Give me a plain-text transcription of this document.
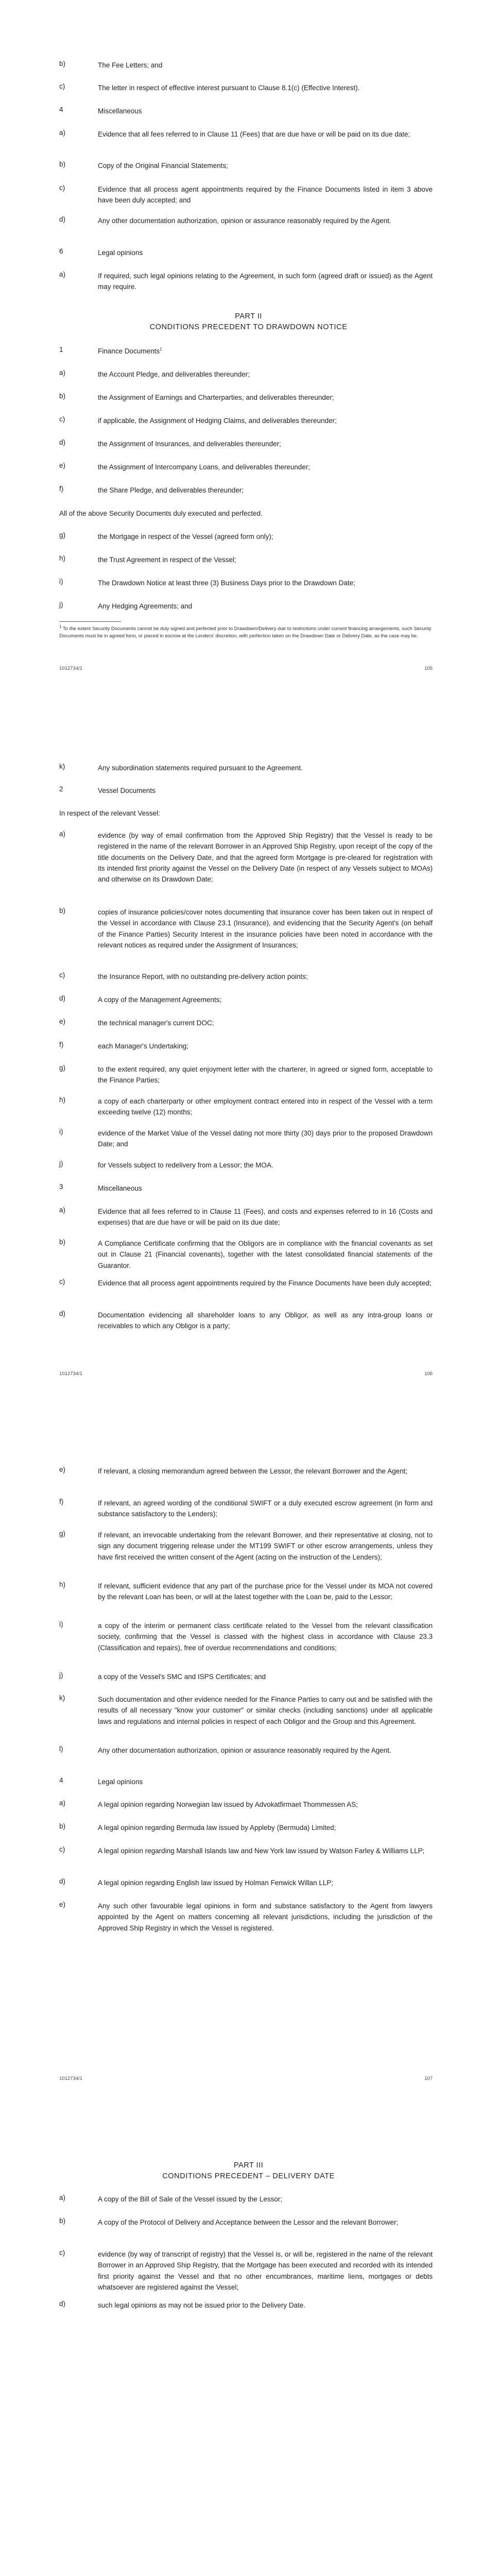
b)	The Fee Letters; and
c)	The letter in respect of effective interest pursuant to Clause 8.1(c) (Effective Interest).
4	Miscellaneous
a)	Evidence that all fees referred to in Clause 11 (Fees) that are due have or will be paid on its due date;
b)	Copy of the Original Financial Statements;
c)	Evidence that all process agent appointments required by the Finance Documents listed in item 3 above have been duly accepted; and
d)	Any other documentation authorization, opinion or assurance reasonably required by the Agent.
6	Legal opinions
a)	If required, such legal opinions relating to the Agreement, in such form (agreed draft or issued) as the Agent may require.
PART II
CONDITIONS PRECEDENT TO DRAWDOWN NOTICE
1	Finance Documents$^1$
a)	the Account Pledge, and deliverables thereunder;
b)	the Assignment of Earnings and Charterparties, and deliverables thereunder;
c)	if applicable, the Assignment of Hedging Claims, and deliverables thereunder;
d)	the Assignment of Insurances, and deliverables thereunder;
e)	the Assignment of Intercompany Loans, and deliverables thereunder;
f)	the Share Pledge, and deliverables thereunder;
All of the above Security Documents duly executed and perfected.
g)	the Mortgage in respect of the Vessel (agreed form only);
h)	the Trust Agreement in respect of the Vessel;
i)	The Drawdown Notice at least three (3) Business Days prior to the Drawdown Date;
j)	Any Hedging Agreements; and
$^1$ To the extent Security Documents cannot be duly signed and perfected prior to Drawdown/Delivery due to restrictions under current financing arrangements, such Security Documents must be in agreed form, or placed in escrow at the Lenders' discretion, with perfection taken on the Drawdown Date or Delivery Date, as the case may be.
1012734/1	105
k)	Any subordination statements required pursuant to the Agreement.
2	Vessel Documents
In respect of the relevant Vessel:
a)	evidence (by way of email confirmation from the Approved Ship Registry) that the Vessel is ready to be registered in the name of the relevant Borrower in an Approved Ship Registry, upon receipt of the copy of the title documents on the Delivery Date, and that the agreed form Mortgage is pre-cleared for registration with its intended first priority against the Vessel on the Delivery Date (in respect of any Vessels subject to MOAs) and otherwise on its Drawdown Date;
b)	copies of insurance policies/cover notes documenting that insurance cover has been taken out in respect of the Vessel in accordance with Clause 23.1 (Insurance), and evidencing that the Security Agent's (on behalf of the Finance Parties) Security Interest in the insurance policies have been noted in accordance with the relevant notices as required under the Assignment of Insurances;
c)	the Insurance Report, with no outstanding pre-delivery action points;
d)	A copy of the Management Agreements;
e)	the technical manager's current DOC;
f)	each Manager's Undertaking;
g)	to the extent required, any quiet enjoyment letter with the charterer, in agreed or signed form, acceptable to the Finance Parties;
h)	a copy of each charterparty or other employment contract entered into in respect of the Vessel with a term exceeding twelve (12) months;
i)	evidence of the Market Value of the Vessel dating not more thirty (30) days prior to the proposed Drawdown Date; and
j)	for Vessels subject to redelivery from a Lessor; the MOA.
3	Miscellaneous
a)	Evidence that all fees referred to in Clause 11 (Fees), and costs and expenses referred to in 16 (Costs and expenses) that are due have or will be paid on its due date;
b)	A Compliance Certificate confirming that the Obligors are in compliance with the financial covenants as set out in Clause 21 (Financial covenants), together with the latest consolidated financial statements of the Guarantor.
c)	Evidence that all process agent appointments required by the Finance Documents have been duly accepted;
d)	Documentation evidencing all shareholder loans to any Obligor, as well as any intra-group loans or receivables to which any Obligor is a party;
1012734/1	106
e)	If relevant, a closing memorandum agreed between the Lessor, the relevant Borrower and the Agent;
f)	If relevant, an agreed wording of the conditional SWIFT or a duly executed escrow agreement (in form and substance satisfactory to the Lenders);
g)	If relevant, an irrevocable undertaking from the relevant Borrower, and their representative at closing, not to sign any document triggering release under the MT199 SWIFT or other escrow arrangements, unless they have first received the written consent of the Agent (acting on the instruction of the Lenders);
h)	If relevant, sufficient evidence that any part of the purchase price for the Vessel under its MOA not covered by the relevant Loan has been, or will at the latest together with the Loan be, paid to the Lessor;
i)	a copy of the interim or permanent class certificate related to the Vessel from the relevant classification society, confirming that the Vessel is classed with the highest class in accordance with Clause 23.3 (Classification and repairs), free of overdue recommendations and conditions;
j)	a copy of the Vessel's SMC and ISPS Certificates; and
k)	Such documentation and other evidence needed for the Finance Parties to carry out and be satisfied with the results of all necessary "know your customer" or similar checks (including sanctions) under all applicable laws and regulations and internal policies in respect of each Obligor and the Group and this Agreement.
l)	Any other documentation authorization, opinion or assurance reasonably required by the Agent.
4	Legal opinions
a)	A legal opinion regarding Norwegian law issued by Advokatfirmaet Thommessen AS;
b)	A legal opinion regarding Bermuda law issued by Appleby (Bermuda) Limited;
c)	A legal opinion regarding Marshall Islands law and New York law issued by Watson Farley & Williams LLP;
d)	A legal opinion regarding English law issued by Holman Fenwick Willan LLP;
e)	Any such other favourable legal opinions in form and substance satisfactory to the Agent from lawyers appointed by the Agent on matters concerning all relevant jurisdictions, including the jurisdiction of the Approved Ship Registry in which the Vessel is registered.
1012734/1	107
PART III
CONDITIONS PRECEDENT – DELIVERY DATE
a)	A copy of the Bill of Sale of the Vessel issued by the Lessor;
b)	A copy of the Protocol of Delivery and Acceptance between the Lessor and the relevant Borrower;
c)	evidence (by way of transcript of registry) that the Vessel is, or will be, registered in the name of the relevant Borrower in an Approved Ship Registry, that the Mortgage has been executed and recorded with its intended first priority against the Vessel and that no other encumbrances, maritime liens, mortgages or debts whatsoever are registered against the Vessel;
d)	such legal opinions as may not be issued prior to the Delivery Date.
